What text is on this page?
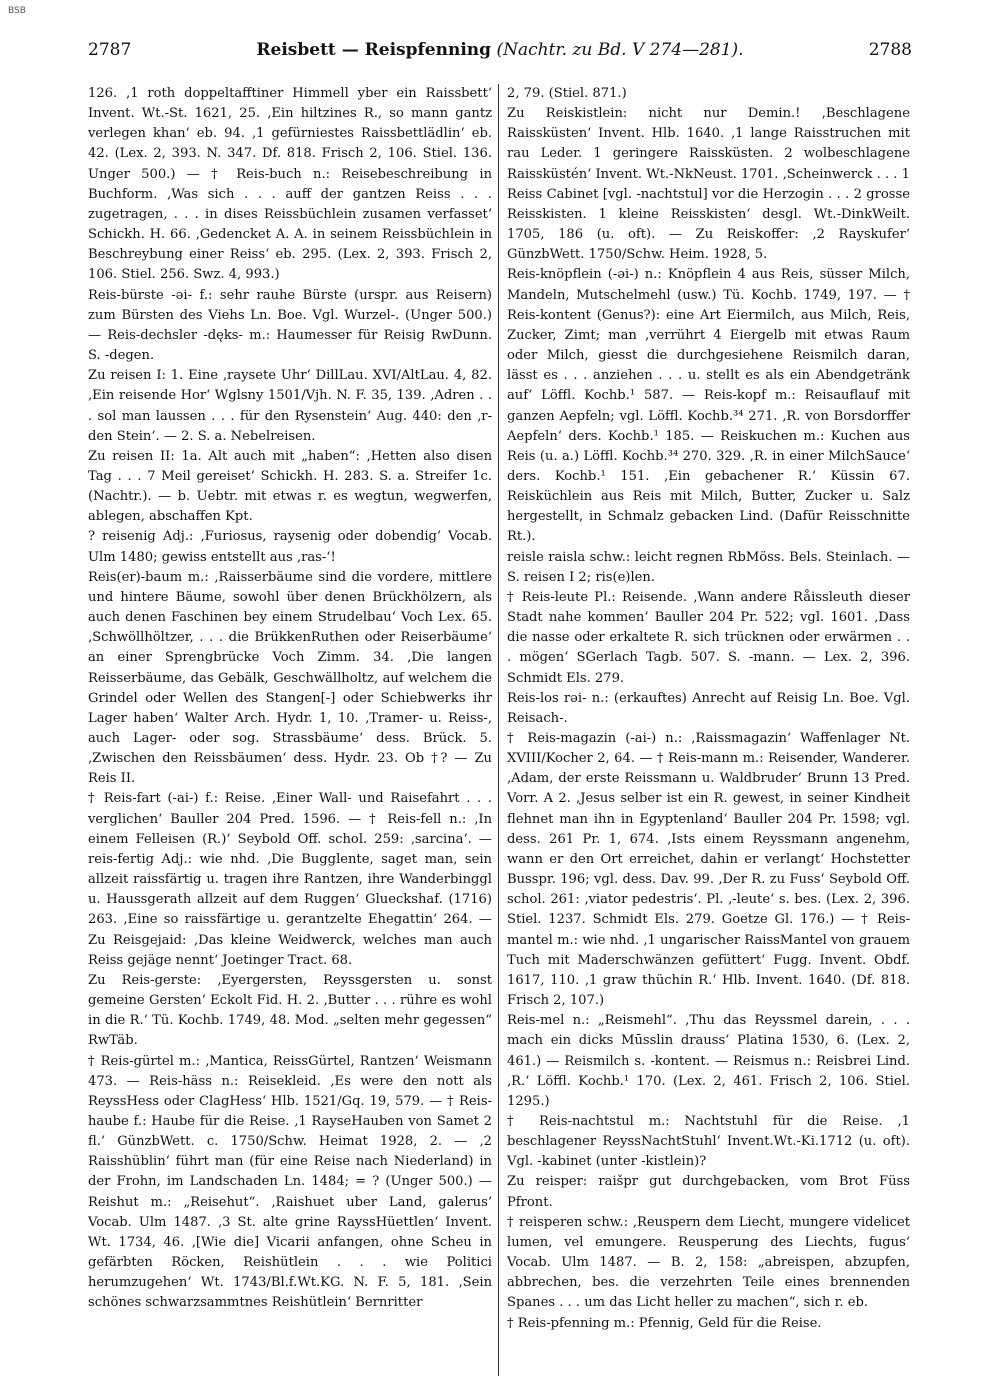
BSB
2787	Reisbett — Reispfenning (Nachtr. zu Bd. V 274—281).	2788

126. ‚1 roth doppeltafftiner Himmell yber ein Raissbett‘ Invent. Wt.-St. 1621, 25. ‚Ein hiltzines R., so mann gantz verlegen khan‘ eb. 94. ‚1 gefürniestes Raissbettlädlin‘ eb. 42. (Lex. 2, 393. N. 347. Df. 818. Frisch 2, 106. Stiel. 136. Unger 500.) — † Reis-buch n.: Reisebeschreibung in Buchform. ‚Was sich . . . auff der gantzen Reiss . . . zugetragen, . . . in dises Reissbüchlein zusamen verfasset‘ Schickh. H. 66. ‚Gedencket A. A. in seinem Reissbüchlein in Beschreybung einer Reiss‘ eb. 295. (Lex. 2, 393. Frisch 2, 106. Stiel. 256. Swz. 4, 993.)

Reis-bürste -əi- f.: sehr rauhe Bürste (urspr. aus Reisern) zum Bürsten des Viehs Ln. Boe. Vgl. Wurzel-. (Unger 500.) — Reis-dechsler -dęks- m.: Haumesser für Reisig RwDunn. S. -degen.

Zu reisen I: 1. Eine ‚raysete Uhr‘ DillLau. XVI/AltLau. 4, 82. ‚Ein reisende Hor‘ Wglsny 1501/Vjh. N. F. 35, 139. ‚Adren . . . sol man laussen . . . für den Rysenstein‘ Aug. 440: den ‚r-den Stein‘. — 2. S. a. Nebelreisen.

Zu reisen II: 1a. Alt auch mit „haben“: ‚Hetten also disen Tag . . . 7 Meil gereiset‘ Schickh. H. 283. S. a. Streifer 1c. (Nachtr.). — b. Uebtr. mit etwas r. es wegtun, wegwerfen, ablegen, abschaffen Kpt.

? reisenig Adj.: ‚Furiosus, raysenig oder dobendig‘ Vocab. Ulm 1480; gewiss entstellt aus ‚ras-‘!

Reis(er)-baum m.: ‚Raisserbäume sind die vordere, mittlere und hintere Bäume, sowohl über denen Brückhölzern, als auch denen Faschinen bey einem Strudelbau‘ Voch Lex. 65. ‚Schwöllhöltzer, . . . die BrükkenRuthen oder Reiserbäume‘ an einer Sprengbrücke Voch Zimm. 34. ‚Die langen Reisserbäume, das Gebälk, Geschwällholtz, auf welchem die Grindel oder Wellen des Stangen[-] oder Schiebwerks ihr Lager haben‘ Walter Arch. Hydr. 1, 10. ‚Tramer- u. Reiss-, auch Lager- oder sog. Strassbäume‘ dess. Brück. 5. ‚Zwischen den Reissbäumen‘ dess. Hydr. 23. Ob †? — Zu Reis II.

† Reis-fart (-ai-) f.: Reise. ‚Einer Wall- und Raisefahrt . . . verglichen‘ Bauller 204 Pred. 1596. — † Reis-fell n.: ‚In einem Felleisen (R.)‘ Seybold Off. schol. 259: ‚sarcina‘. — reis-fertig Adj.: wie nhd. ‚Die Bugglente, saget man, sein allzeit raissfärtig u. tragen ihre Rantzen, ihre Wanderbinggl u. Haussgerath allzeit auf dem Ruggen‘ Glueckshaf. (1716) 263. ‚Eine so raissfärtige u. gerantzelte Ehegattin‘ 264. — Zu Reisgejaid: ‚Das kleine Weidwerck, welches man auch Reiss gejäge nennt‘ Joetinger Tract. 68.

Zu Reis-gerste: ‚Eyergersten, Reyssgersten u. sonst gemeine Gersten‘ Eckolt Fid. H. 2. ‚Butter . . . rühre es wohl in die R.‘ Tü. Kochb. 1749, 48. Mod. „selten mehr gegessen“ RwTäb.

† Reis-gürtel m.: ‚Mantica, ReissGürtel, Rantzen‘ Weismann 473. — Reis-häss n.: Reisekleid. ‚Es were den nott als ReyssHess oder ClagHess‘ Hlb. 1521/Gq. 19, 579. — † Reis-haube f.: Haube für die Reise. ‚1 RayseHauben von Samet 2 fl.‘ GünzbWett. c. 1750/Schw. Heimat 1928, 2. — ‚2 Raisshüblin‘ führt man (für eine Reise nach Niederland) in der Frohn, im Landschaden Ln. 1484; = ? (Unger 500.) — Reishut m.: „Reisehut“. ‚Raishuet uber Land, galerus‘ Vocab. Ulm 1487. ‚3 St. alte grine RayssHüettlen‘ Invent. Wt. 1734, 46. ‚[Wie die] Vicarii anfangen, ohne Scheu in gefärbten Röcken, Reishütlein . . . wie Politici herumzugehen‘ Wt. 1743/Bl.f.Wt.KG. N. F. 5, 181. ‚Sein schönes schwarzsammtnes Reishütlein‘ Bernritter

2, 79. (Stiel. 871.)

Zu Reiskistlein: nicht nur Demin.! ‚Beschlagene Raissküsten‘ Invent. Hlb. 1640. ‚1 lange Raisstruchen mit rau Leder. 1 geringere Raissküsten. 2 wolbeschlagene Raissküstén‘ Invent. Wt.-NkNeust. 1701. ‚Scheinwerck . . . 1 Reiss Cabinet [vgl. -nachtstul] vor die Herzogin . . . 2 grosse Reisskisten. 1 kleine Reisskisten‘ desgl. Wt.-DinkWeilt. 1705, 186 (u. oft). — Zu Reiskoffer: ‚2 Rayskufer‘ GünzbWett. 1750/Schw. Heim. 1928, 5.

Reis-knöpflein (-əi-) n.: Knöpflein 4 aus Reis, süsser Milch, Mandeln, Mutschelmehl (usw.) Tü. Kochb. 1749, 197. — † Reis-kontent (Genus?): eine Art Eiermilch, aus Milch, Reis, Zucker, Zimt; man ‚verrührt 4 Eiergelb mit etwas Raum oder Milch, giesst die durchgesiehene Reismilch daran, lässt es . . . anziehen . . . u. stellt es als ein Abendgetränk auf‘ Löffl. Kochb.¹ 587. — Reis-kopf m.: Reisauflauf mit ganzen Aepfeln; vgl. Löffl. Kochb.³⁴ 271. ‚R. von Borsdorffer Aepfeln‘ ders. Kochb.¹ 185. — Reiskuchen m.: Kuchen aus Reis (u. a.) Löffl. Kochb.³⁴ 270. 329. ‚R. in einer MilchSauce‘ ders. Kochb.¹ 151. ‚Ein gebachener R.‘ Küssin 67. Reisküchlein aus Reis mit Milch, Butter, Zucker u. Salz hergestellt, in Schmalz gebacken Lind. (Dafür Reisschnitte Rt.).

reisle raisla schw.: leicht regnen RbMöss. Bels. Steinlach. — S. reisen I 2; ris(e)len.

† Reis-leute Pl.: Reisende. ‚Wann andere Råissleuth dieser Stadt nahe kommen‘ Bauller 204 Pr. 522; vgl. 1601. ‚Dass die nasse oder erkaltete R. sich trücknen oder erwärmen . . . mögen‘ SGerlach Tagb. 507. S. -mann. — Lex. 2, 396. Schmidt Els. 279.

Reis-los rəi- n.: (erkauftes) Anrecht auf Reisig Ln. Boe. Vgl. Reisach-.

† Reis-magazin (-ai-) n.: ‚Raissmagazin‘ Waffenlager Nt. XVIII/Kocher 2, 64. — † Reis-mann m.: Reisender, Wanderer. ‚Adam, der erste Reissmann u. Waldbruder‘ Brunn 13 Pred. Vorr. A 2. ‚Jesus selber ist ein R. gewest, in seiner Kindheit flehnet man ihn in Egyptenland‘ Bauller 204 Pr. 1598; vgl. dess. 261 Pr. 1, 674. ‚Ists einem Reyssmann angenehm, wann er den Ort erreichet, dahin er verlangt‘ Hochstetter Busspr. 196; vgl. dess. Dav. 99. ‚Der R. zu Fuss‘ Seybold Off. schol. 261: ‚viator pedestris‘. Pl. ‚-leute‘ s. bes. (Lex. 2, 396. Stiel. 1237. Schmidt Els. 279. Goetze Gl. 176.) — † Reis-mantel m.: wie nhd. ‚1 ungarischer RaissMantel von grauem Tuch mit Maderschwänzen gefüttert‘ Fugg. Invent. Obdf. 1617, 110. ‚1 graw thüchin R.‘ Hlb. Invent. 1640. (Df. 818. Frisch 2, 107.)

Reis-mel n.: „Reismehl“. ‚Thu das Reyssmel darein, . . . mach ein dicks Mūsslin drauss‘ Platina 1530, 6. (Lex. 2, 461.) — Reismilch s. -kontent. — Reismus n.: Reisbrei Lind. ‚R.‘ Löffl. Kochb.¹ 170. (Lex. 2, 461. Frisch 2, 106. Stiel. 1295.)

† Reis-nachtstul m.: Nachtstuhl für die Reise. ‚1 beschlagener ReyssNachtStuhl‘ Invent.Wt.-Ki.1712 (u. oft). Vgl. -kabinet (unter -kistlein)?

Zu reisper: raišpr gut durchgebacken, vom Brot Füss Pfront.

† reisperen schw.: ‚Reuspern dem Liecht, mungere videlicet lumen, vel emungere. Reusperung des Liechts, fugus‘ Vocab. Ulm 1487. — B. 2, 158: „abreispen, abzupfen, abbrechen, bes. die verzehrten Teile eines brennenden Spanes . . . um das Licht heller zu machen“, sich r. eb.

† Reis-pfenning m.: Pfennig, Geld für die Reise.
